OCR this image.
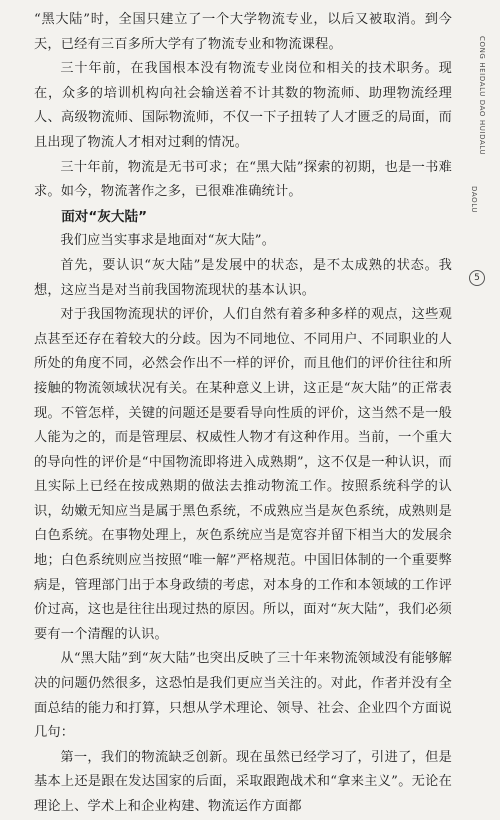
“黑大陆”时，全国只建立了一个大学物流专业，以后又被取消。到今天，已经有三百多所大学有了物流专业和物流课程。

三十年前，在我国根本没有物流专业岗位和相关的技术职务。现在，众多的培训机构向社会输送着不计其数的物流师、助理物流经理人、高级物流师、国际物流师，不仅一下子扭转了人才匮乏的局面，而且出现了物流人才相对过剩的情况。

三十年前，物流是无书可求；在“黑大陆”探索的初期，也是一书难求。如今，物流著作之多，已很难准确统计。

面对“灰大陆”

我们应当实事求是地面对“灰大陆”。

首先，要认识“灰大陆”是发展中的状态，是不太成熟的状态。我想，这应当是对当前我国物流现状的基本认识。

对于我国物流现状的评价，人们自然有着多种多样的观点，这些观点甚至还存在着较大的分歧。因为不同地位、不同用户、不同职业的人所处的角度不同，必然会作出不一样的评价，而且他们的评价往往和所接触的物流领域状况有关。在某种意义上讲，这正是“灰大陆”的正常表现。不管怎样，关键的问题还是要看导向性质的评价，这当然不是一般人能为之的，而是管理层、权威性人物才有这种作用。当前，一个重大的导向性的评价是“中国物流即将进入成熟期”，这不仅是一种认识，而且实际上已经在按成熟期的做法去推动物流工作。按照系统科学的认识，幼嫩无知应当是属于黑色系统，不成熟应当是灰色系统，成熟则是白色系统。在事物处理上，灰色系统应当是宽容并留下相当大的发展余地；白色系统则应当按照“唯一解”严格规范。中国旧体制的一个重要弊病是，管理部门出于本身政绩的考虑，对本身的工作和本领域的工作评价过高，这也是往往出现过热的原因。所以，面对“灰大陆”，我们必须要有一个清醒的认识。

从“黑大陆”到“灰大陆”也突出反映了三十年来物流领域没有能够解决的问题仍然很多，这恐怕是我们更应当关注的。对此，作者并没有全面总结的能力和打算，只想从学术理论、领导、社会、企业四个方面说几句：

第一，我们的物流缺乏创新。现在虽然已经学习了，引进了，但是基本上还是跟在发达国家的后面，采取跟跑战术和“拿来主义”。无论在理论上、学术上和企业构建、物流运作方面都

CONG HEIDALU DAO HUIDALU
DAOLU
5
